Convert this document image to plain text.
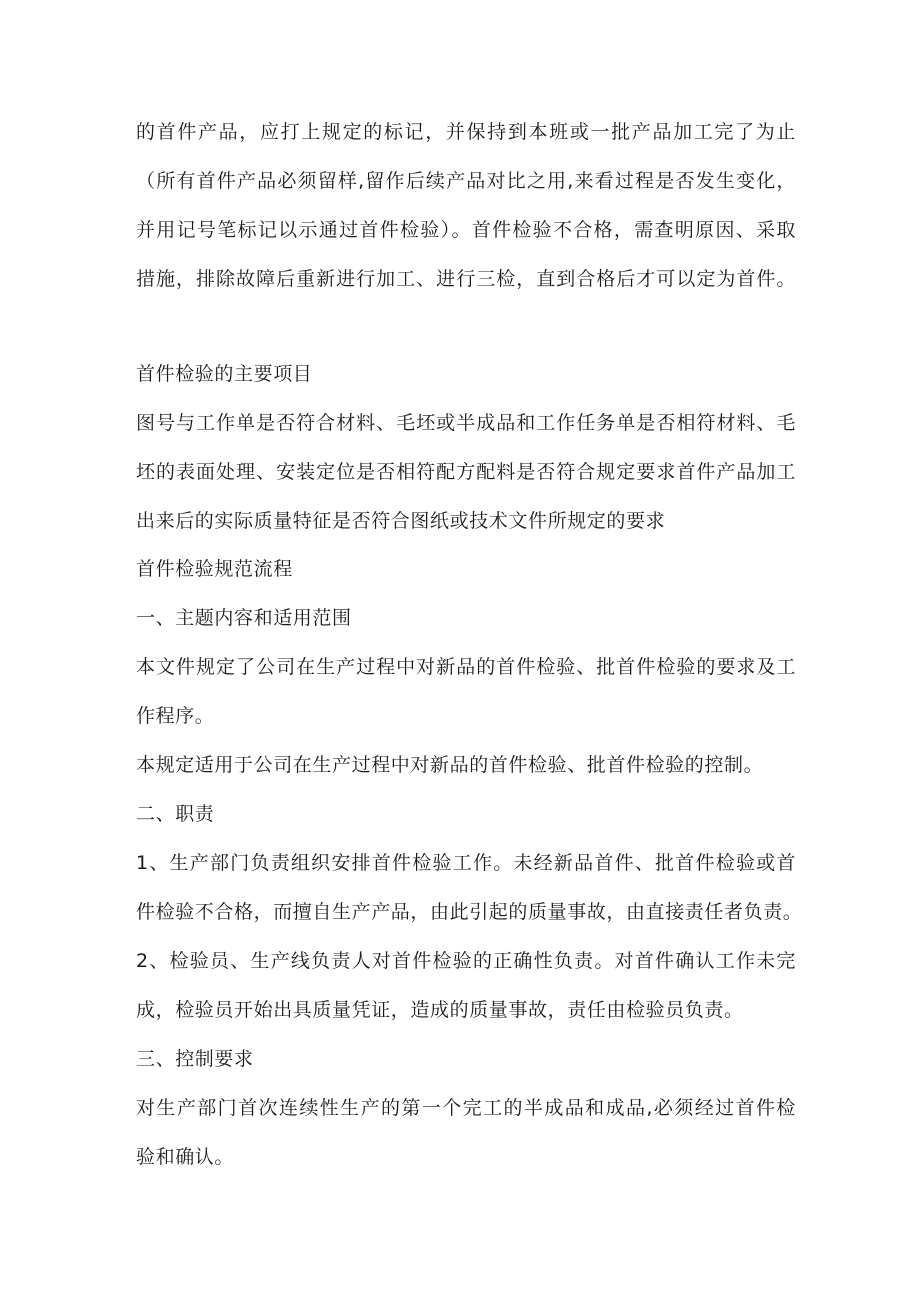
的首件产品，应打上规定的标记，并保持到本班或一批产品加工完了为止
（所有首件产品必须留样,留作后续产品对比之用,来看过程是否发生变化，
并用记号笔标记以示通过首件检验）。首件检验不合格，需查明原因、采取
措施，排除故障后重新进行加工、进行三检，直到合格后才可以定为首件。
首件检验的主要项目
图号与工作单是否符合材料、毛坯或半成品和工作任务单是否相符材料、毛
坯的表面处理、安装定位是否相符配方配料是否符合规定要求首件产品加工
出来后的实际质量特征是否符合图纸或技术文件所规定的要求
首件检验规范流程
一、主题内容和适用范围
本文件规定了公司在生产过程中对新品的首件检验、批首件检验的要求及工
作程序。
本规定适用于公司在生产过程中对新品的首件检验、批首件检验的控制。
二、职责
1、生产部门负责组织安排首件检验工作。未经新品首件、批首件检验或首
件检验不合格，而擅自生产产品，由此引起的质量事故，由直接责任者负责。
2、检验员、生产线负责人对首件检验的正确性负责。对首件确认工作未完
成，检验员开始出具质量凭证，造成的质量事故，责任由检验员负责。
三、控制要求
对生产部门首次连续性生产的第一个完工的半成品和成品,必须经过首件检
验和确认。
